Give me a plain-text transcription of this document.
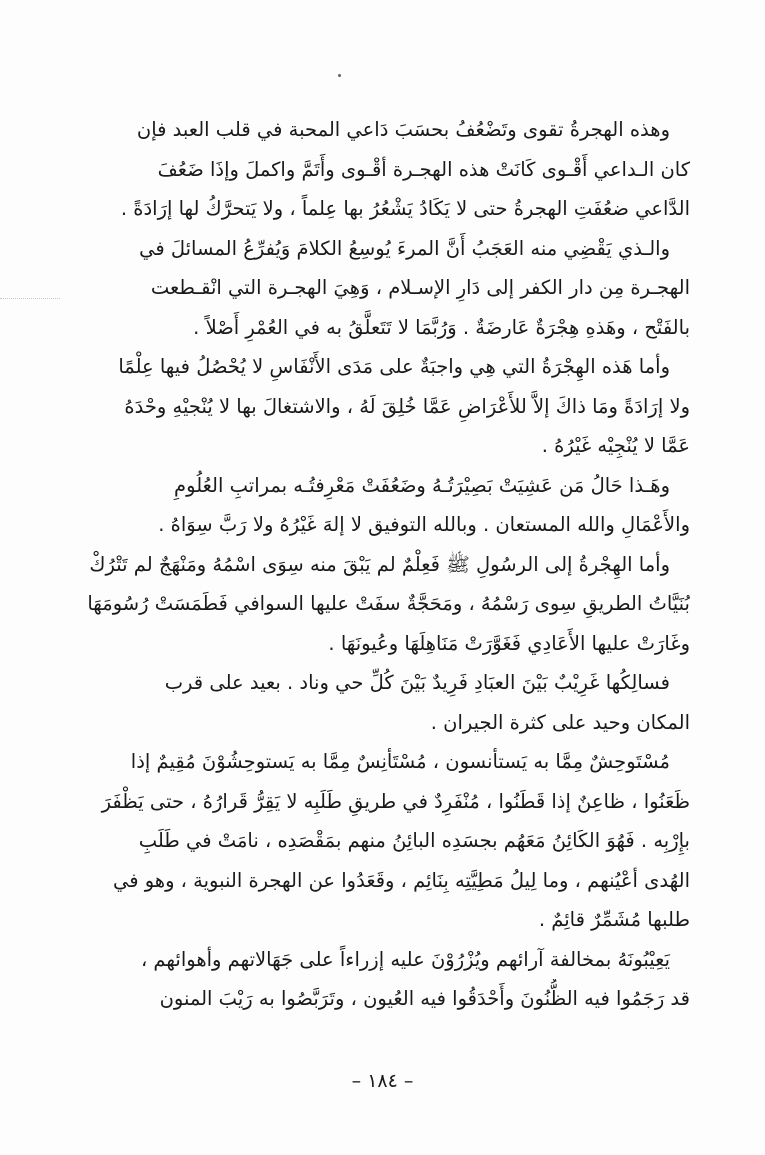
وهذه الهجرةُ تقوى وتَضْعُفُ بحسَبَ دَاعي المحبة في قلب العبد فإن
كان الـداعي أَقْـوى كَانَتْ هذه الهجـرة أقْـوى وأَتَمَّ واكملَ وإذَا ضَعُفَ
الدَّاعي ضعُفَتِ الهجرةُ حتى لا يَكَادُ يَشْعُرُ بها عِلماً ، ولا يَتحرَّكُ لها إرَادَةً .
والـذي يَقْضِي منه العَجَبُ أَنَّ المرءَ يُوسِعُ الكلامَ وَيُفرِّعُ المسائلَ في
الهجـرة مِن دار الكفر إلى دَارِ الإسـلام ، وَهِيَ الهجـرة التي انْقـطعت
بالفَتْح ، وهَذهِ هِجْرَةٌ عَارضَةٌ . وَرُبَّمَا لا تَتَعلَّقُ به في العُمْرِ أَصْلاً .
وأما هَذه الهِجْرَةُ التي هِي واجبَةٌ على مَدَى الأَنْفَاسِ لا يُحْصُلُ فيها عِلْمًا
ولا إرَادَةً ومَا ذاكَ إلاَّ للأَعْرَاضِ عَمَّا خُلِقَ لَهُ ، والاشتغالَ بها لا يُنْجيْهِ وحْدَهُ
عَمَّا لا يُنْجِيْه غَيْرُهُ .
وهَـذا حَالُ مَن عَشِيَتْ بَصِيْرَتُـهُ وضَعُفَتْ مَعْرِفتُـه بمراتبِ العُلُومِ
والأَعْمَالِ والله المستعان . وبالله التوفيق لا إلهَ غَيْرُهُ ولا رَبَّ سِوَاهُ .
وأما الهِجْرةُ إلى الرسُولِ ﷺ فَعِلْمٌ لم يَبْقَ منه سِوَى اسْمُهُ ومَنْهَجٌ لم تَتْرُكْ
بُنَيَّاتُ الطريقِ سِوى رَسْمُهُ ، ومَحَجَّةٌ سفَتْ عليها السوافي فَطَمَسَتْ رُسُومَهَا
وغَارَتْ عليها الأَعَادِي فَغَوَّرَتْ مَنَاهِلَهَا وعُيونَهَا .
فسالِكُها غَرِيْبٌ بَيْنَ العبَادِ فَرِيدٌ بَيْنَ كُلِّ حي وناد . بعيد على قرب
المكان وحيد على كثرة الجيران .
مُسْتَوحِشٌ مِمَّا به يَستأنسون ، مُسْتَأنِسٌ مِمَّا به يَستوحِشُوْنَ مُقِيمٌ إذا
ظَعَنُوا ، ظاعِنٌ إذا قَطَنُوا ، مُنْفَرِدٌ في طريقِ طَلَبِه لا يَقِرُّ قَرارُهُ ، حتى يَظْفَرَ
بإِرْبِه . فَهُوَ الكَائِنُ مَعَهُم بجسَدِه البائِنُ منهم بمَقْصَدِه ، نامَتْ في طَلَبِ
الهُدى أعْيُنهم ، وما لِيلُ مَطِيَّتِه بِنَائِم ، وقَعَدُوا عن الهجرة النبوية ، وهو في
طلبها مُشَمِّرٌ قائِمٌ .
يَعِيْبُونَهُ بمخالفة آرائهم ويُزْرُوْنَ عليه إزراءاً على جَهَالاتهم وأهوائهم ،
قد رَجَمُوا فيه الظُّنُونَ وأَحْدَقُوا فيه العُيون ، وتَرَبَّصُوا به رَيْبَ المنون
– ١٨٤ –
